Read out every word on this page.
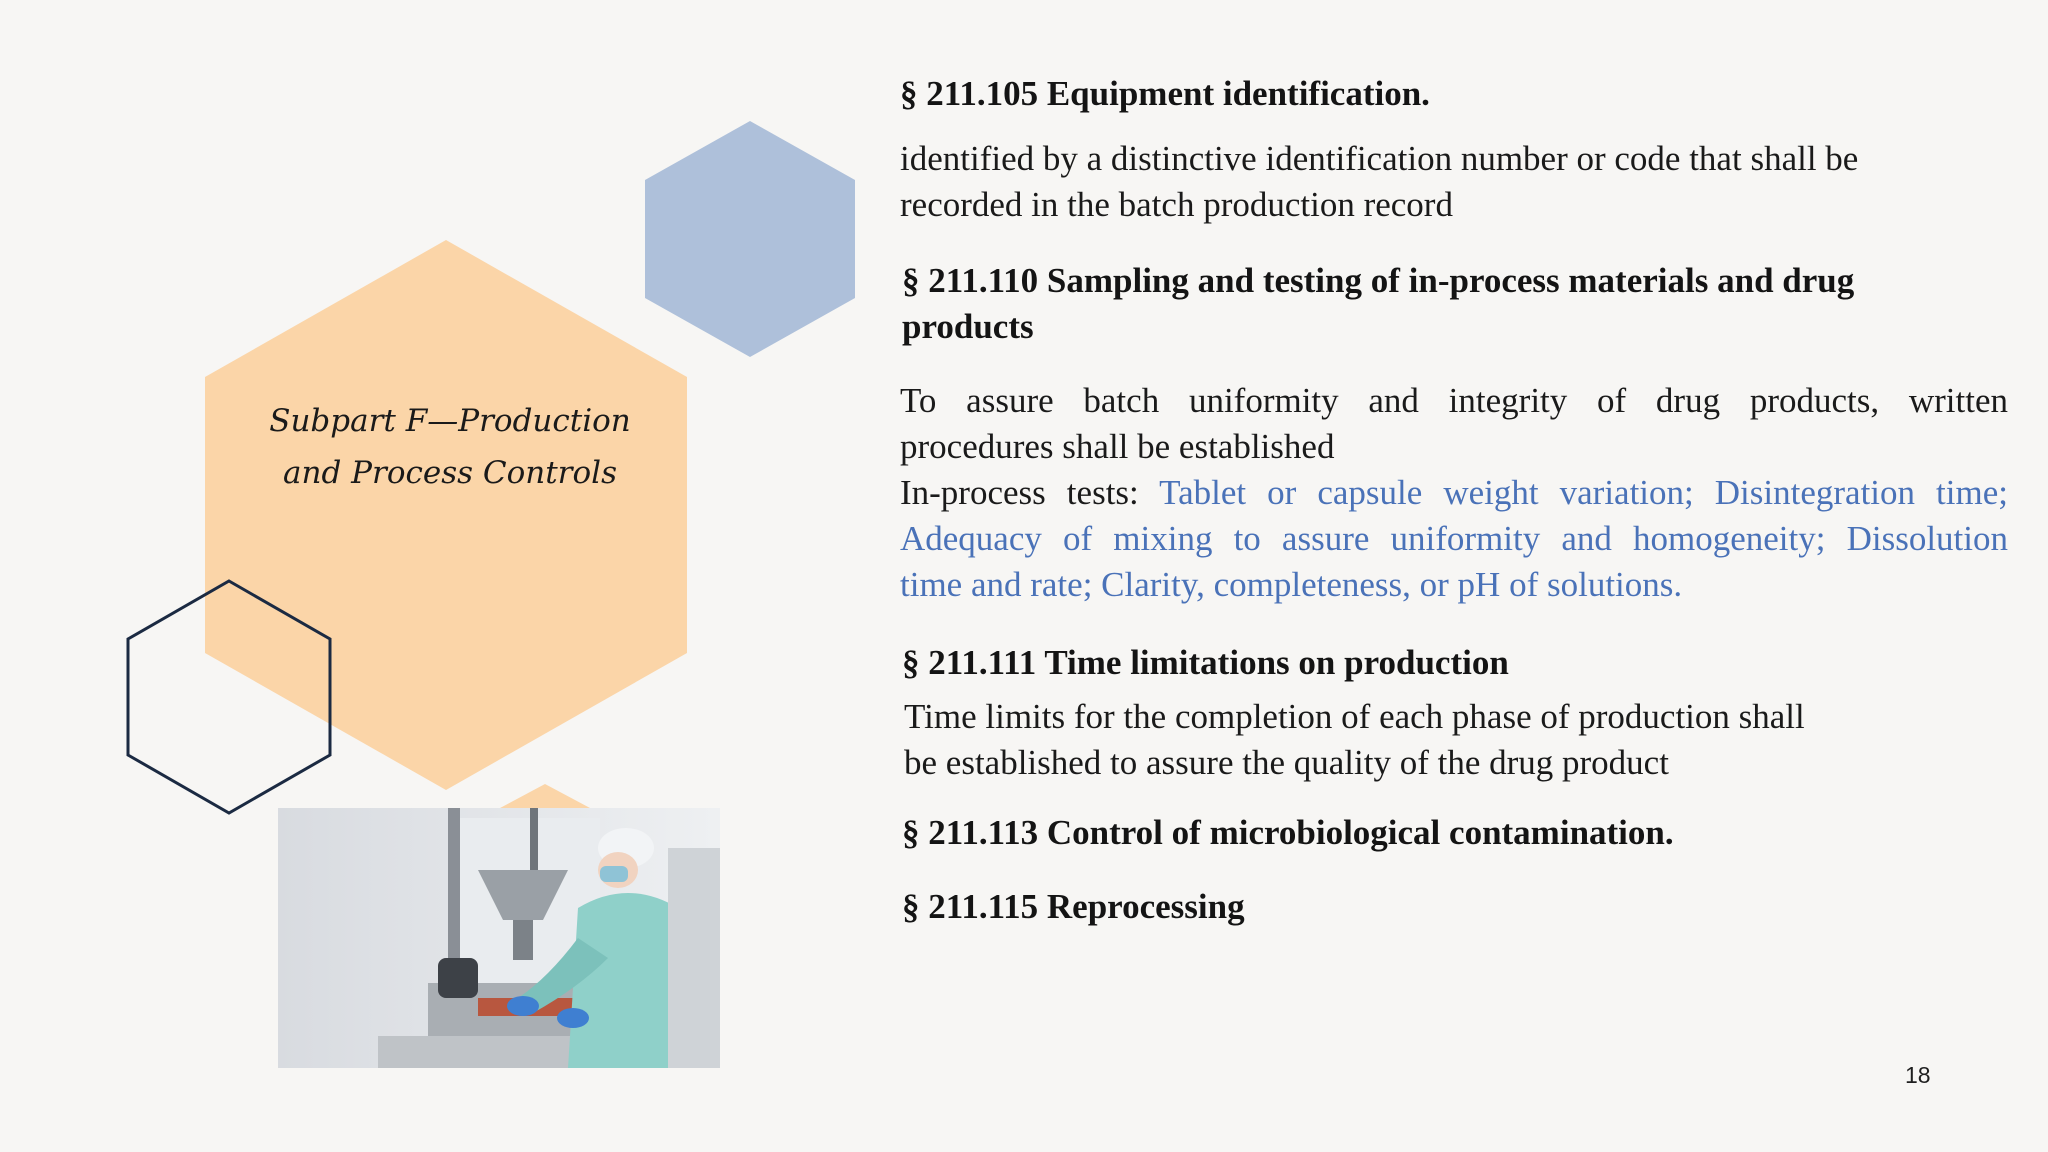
Subpart F—Production
and Process Controls
§ 211.105 Equipment identification.
identified by a distinctive identification number or code that shall be
recorded in the batch production record
§ 211.110 Sampling and testing of in-process materials and drug
products
To assure batch uniformity and integrity of drug products, written
procedures shall be established
In-process tests: Tablet or capsule weight variation; Disintegration time;
Adequacy of mixing to assure uniformity and homogeneity; Dissolution
time and rate; Clarity, completeness, or pH of solutions.
§ 211.111 Time limitations on production
Time limits for the completion of each phase of production shall
be established to assure the quality of the drug product
§ 211.113 Control of microbiological contamination.
§ 211.115 Reprocessing
18
